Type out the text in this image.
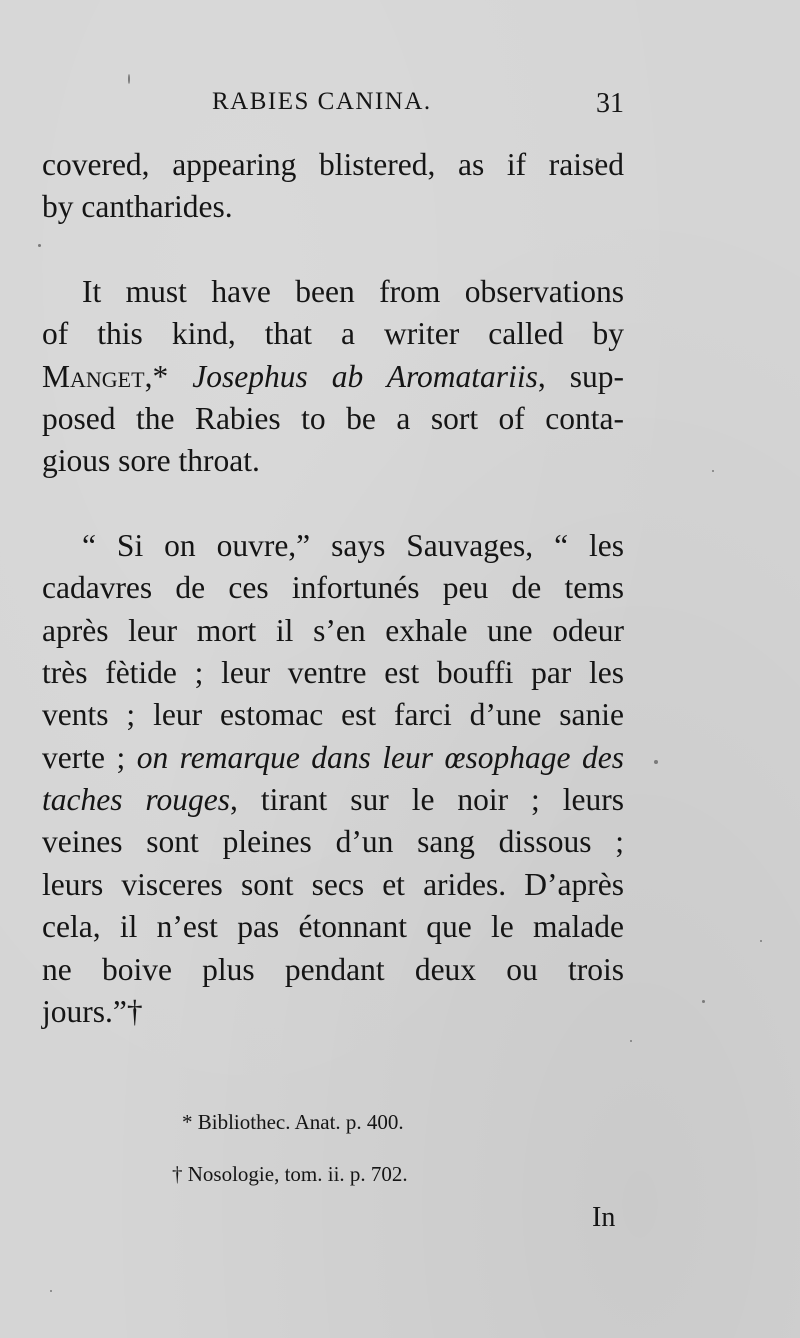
RABIES CANINA.	31
covered, appearing blistered, as if raised
by cantharides.
It must have been from observations
of this kind, that a writer called by
Manget,* Josephus ab Aromatariis, sup-
posed the Rabies to be a sort of conta-
gious sore throat.
“ Si on ouvre,” says Sauvages, “ les
cadavres de ces infortunés peu de tems
après leur mort il s’en exhale une odeur
très fètide ; leur ventre est bouffi par les
vents ; leur estomac est farci d’une sanie
verte ; on remarque dans leur œsophage des
taches rouges, tirant sur le noir ; leurs
veines sont pleines d’un sang dissous ;
leurs visceres sont secs et arides. D’après
cela, il n’est pas étonnant que le malade
ne boive plus pendant deux ou trois
jours.”†
* Bibliothec. Anat. p. 400.
† Nosologie, tom. ii. p. 702.
In
